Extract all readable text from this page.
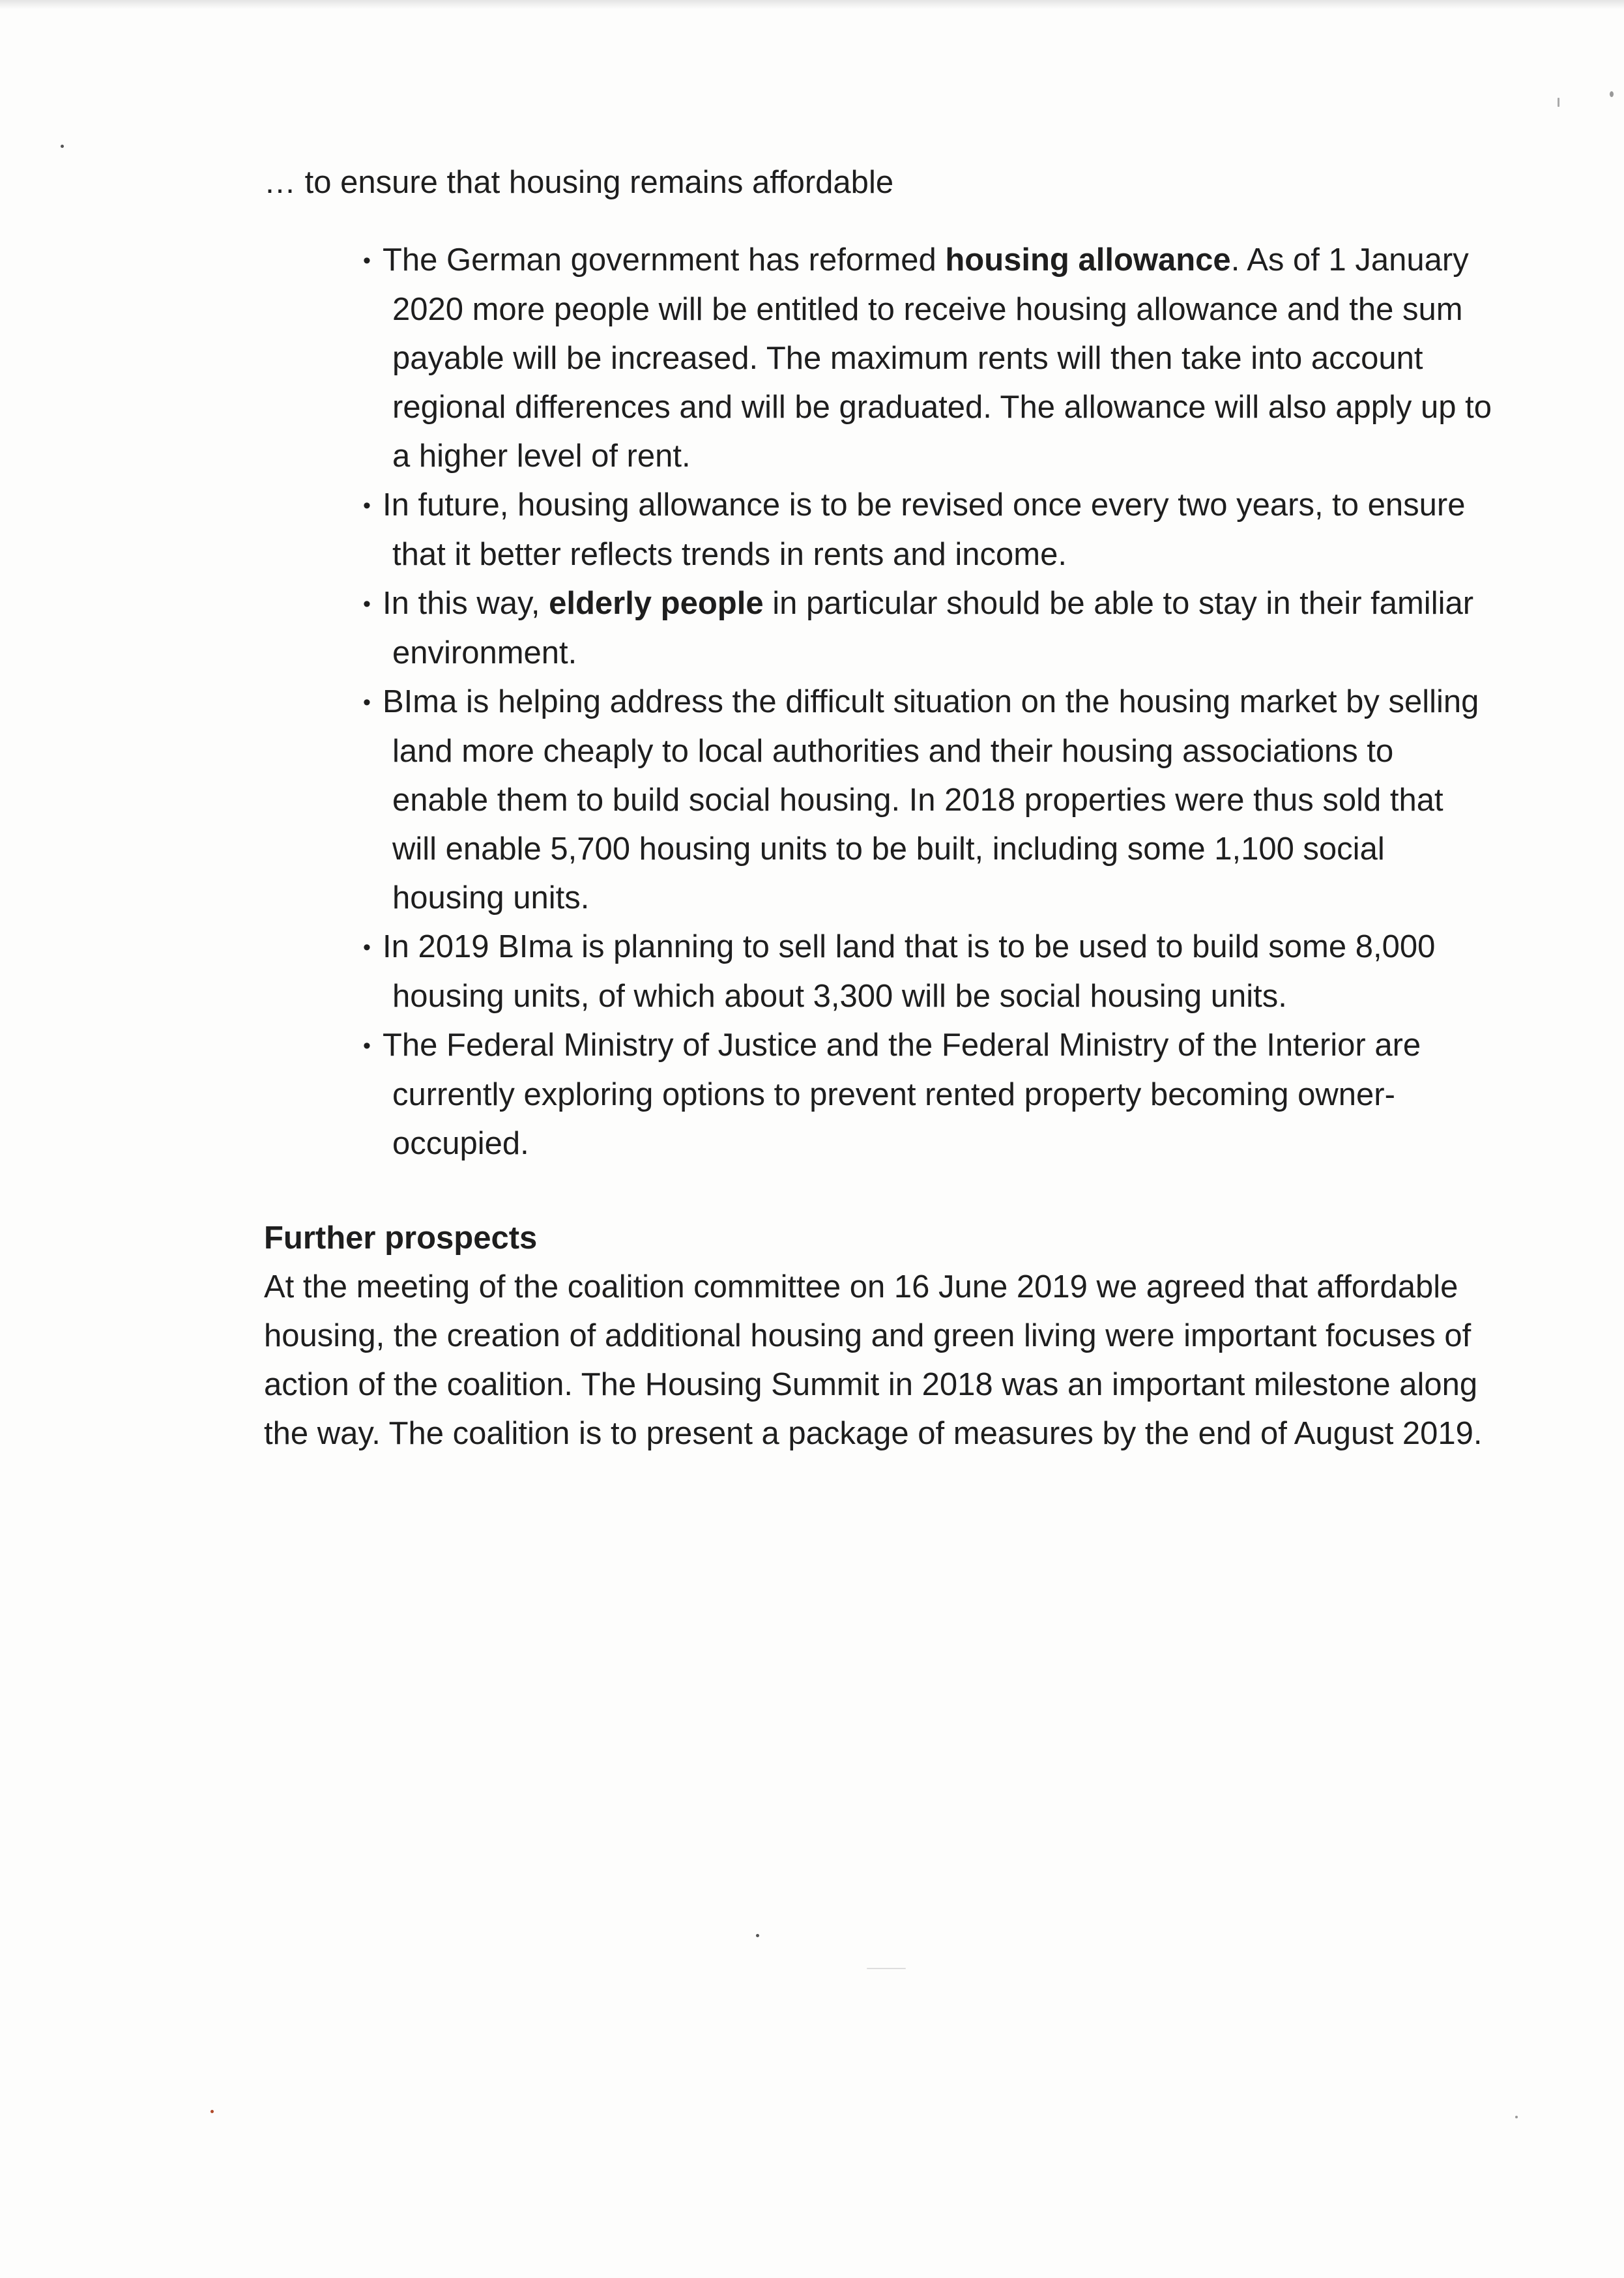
… to ensure that housing remains affordable

• The German government has reformed housing allowance. As of 1 January 2020 more people will be entitled to receive housing allowance and the sum payable will be increased. The maximum rents will then take into account regional differences and will be graduated. The allowance will also apply up to a higher level of rent.
• In future, housing allowance is to be revised once every two years, to ensure that it better reflects trends in rents and income.
• In this way, elderly people in particular should be able to stay in their familiar environment.
• BIma is helping address the difficult situation on the housing market by selling land more cheaply to local authorities and their housing associations to enable them to build social housing. In 2018 properties were thus sold that will enable 5,700 housing units to be built, including some 1,100 social housing units.
• In 2019 BIma is planning to sell land that is to be used to build some 8,000 housing units, of which about 3,300 will be social housing units.
• The Federal Ministry of Justice and the Federal Ministry of the Interior are currently exploring options to prevent rented property becoming owner-occupied.

Further prospects

At the meeting of the coalition committee on 16 June 2019 we agreed that affordable housing, the creation of additional housing and green living were important focuses of action of the coalition. The Housing Summit in 2018 was an important milestone along the way. The coalition is to present a package of measures by the end of August 2019.
